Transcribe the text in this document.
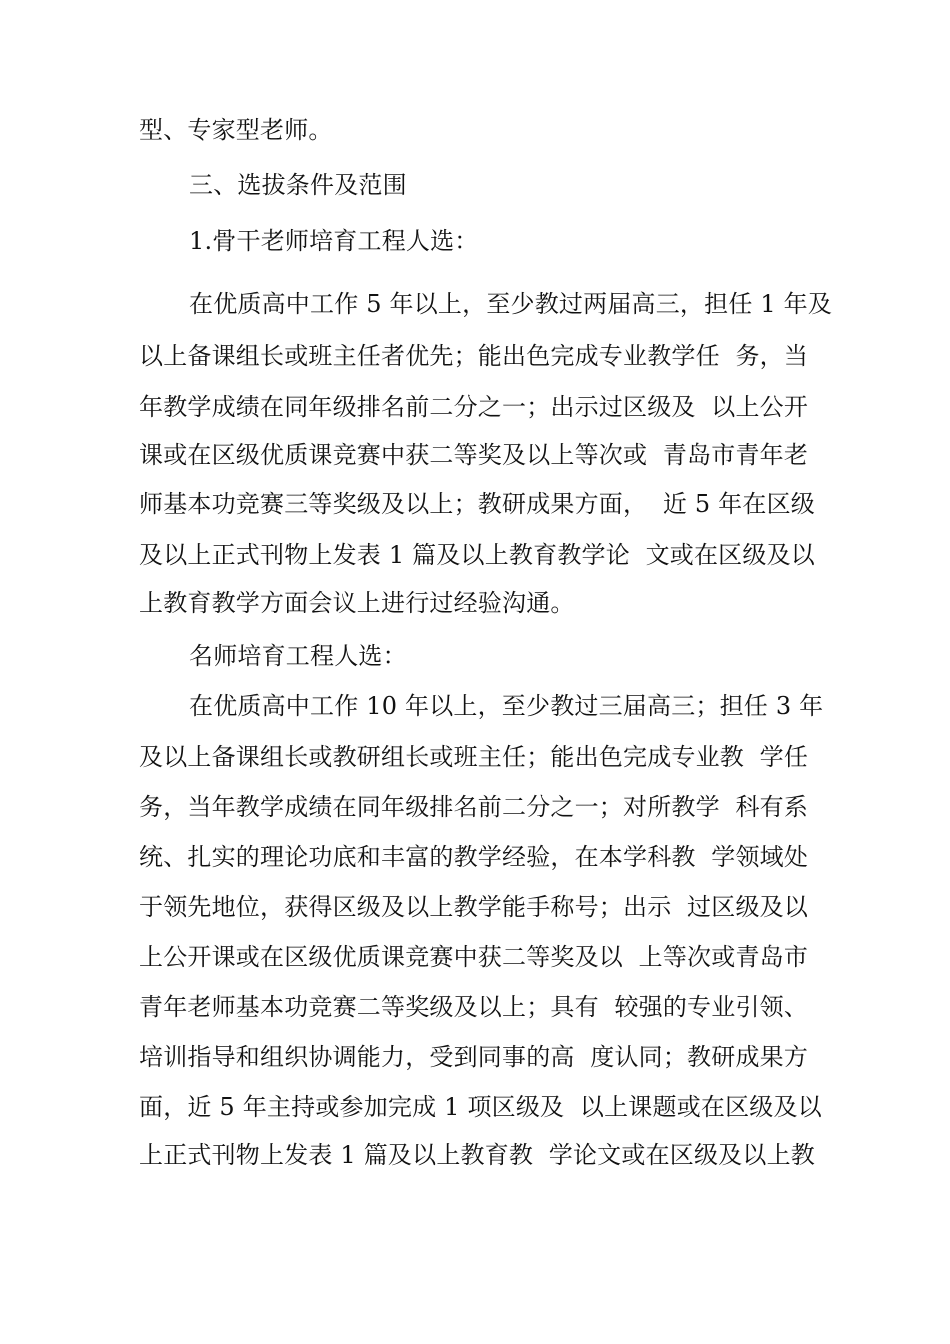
型、专家型老师。
三、选拔条件及范围
1.骨干老师培育工程人选：
在优质高中工作 5 年以上，至少教过两届高三，担任 1 年及
以上备课组长或班主任者优先；能出色完成专业教学任  务，当
年教学成绩在同年级排名前二分之一；出示过区级及  以上公开
课或在区级优质课竞赛中获二等奖及以上等次或  青岛市青年老
师基本功竞赛三等奖级及以上；教研成果方面，  近 5 年在区级
及以上正式刊物上发表 1 篇及以上教育教学论  文或在区级及以
上教育教学方面会议上进行过经验沟通。
名师培育工程人选：
在优质高中工作 10 年以上，至少教过三届高三；担任 3 年
及以上备课组长或教研组长或班主任；能出色完成专业教  学任
务，当年教学成绩在同年级排名前二分之一；对所教学  科有系
统、扎实的理论功底和丰富的教学经验，在本学科教  学领域处
于领先地位，获得区级及以上教学能手称号；出示  过区级及以
上公开课或在区级优质课竞赛中获二等奖及以  上等次或青岛市
青年老师基本功竞赛二等奖级及以上；具有  较强的专业引领、
培训指导和组织协调能力，受到同事的高  度认同；教研成果方
面，近 5 年主持或参加完成 1 项区级及  以上课题或在区级及以
上正式刊物上发表 1 篇及以上教育教  学论文或在区级及以上教
